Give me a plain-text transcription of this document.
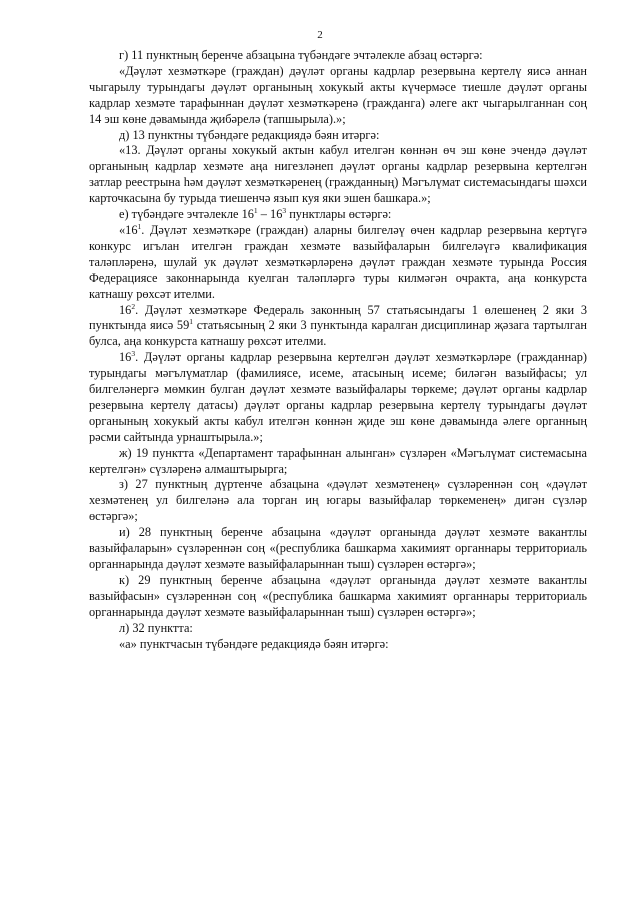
2

г) 11 пунктның беренче абзацына түбәндәге эчтәлекле абзац өстәргә:

«Дәүләт хезмәткәре (граждан) дәүләт органы кадрлар резервына кертелү яисә аннан чыгарылу турындагы дәүләт органының хокукый акты күчермәсе тиешле дәүләт органы кадрлар хезмәте тарафыннан дәүләт хезмәткәренә (гражданга) әлеге акт чыгарылганнан соң 14 эш көне дәвамында җибәрелә (тапшырыла).»;

д) 13 пунктны түбәндәге редакциядә бәян итәргә:

«13. Дәүләт органы хокукый актын кабул ителгән көннән өч эш көне эчендә дәүләт органының кадрлар хезмәте аңа нигезләнеп дәүләт органы кадрлар резервына кертелгән затлар реестрына һәм дәүләт хезмәткәренең (гражданның) Мәгълүмат системасындагы шәхси карточкасына бу турыда тиешенчә язып куя яки эшен башкара.»;

е) түбәндәге эчтәлекле $16^1 - 16^3$ пунктлары өстәргә:

«$16^1$. Дәүләт хезмәткәре (граждан) аларны билгеләү өчен кадрлар резервына кертүгә конкурс игълан ителгән граждан хезмәте вазыйфаларын билгеләүгә квалификация таләпләренә, шулай ук дәүләт хезмәткәрләренә дәүләт граждан хезмәте турында Россия Федерациясе законнарында куелган таләпләргә туры килмәгән очракта, аңа конкурста катнашу рөхсәт ителми.

$16^2$. Дәүләт хезмәткәре Федераль законның 57 статьясындагы 1 өлешенең 2 яки 3 пунктында яисә $59^1$ статьясының 2 яки 3 пунктында каралган дисциплинар җәзага тартылган булса, аңа конкурста катнашу рөхсәт ителми.

$16^3$. Дәүләт органы кадрлар резервына кертелгән дәүләт хезмәткәрләре (гражданнар) турындагы мәгълүматлар (фамилиясе, исеме, атасының исеме; биләгән вазыйфасы; ул билгеләнергә мөмкин булган дәүләт хезмәте вазыйфалары төркеме; дәүләт органы кадрлар резервына кертелү датасы) дәүләт органы кадрлар резервына кертелү турындагы дәүләт органының хокукый акты кабул ителгән көннән җиде эш көне дәвамында әлеге органның рәсми сайтында урнаштырыла.»;

ж) 19 пунктта «Департамент тарафыннан алынган» сүзләрен «Мәгълүмат системасына кертелгән» сүзләренә алмаштырырга;

з) 27 пунктның дүртенче абзацына «дәүләт хезмәтенең» сүзләреннән соң «дәүләт хезмәтенең ул билгеләнә ала торган иң югары вазыйфалар төркеменең» дигән сүзләр өстәргә»;

и) 28 пунктның беренче абзацына «дәүләт органында дәүләт хезмәте вакантлы вазыйфаларын» сүзләреннән соң «(республика башкарма хакимият органнары территориаль органнарында дәүләт хезмәте вазыйфаларыннан тыш) сүзләрен өстәргә»;

к) 29 пунктның беренче абзацына «дәүләт органында дәүләт хезмәте вакантлы вазыйфасын» сүзләреннән соң «(республика башкарма хакимият органнары территориаль органнарында дәүләт хезмәте вазыйфаларыннан тыш) сүзләрен өстәргә»;

л) 32 пунктта:

«а» пунктчасын түбәндәге редакциядә бәян итәргә:
